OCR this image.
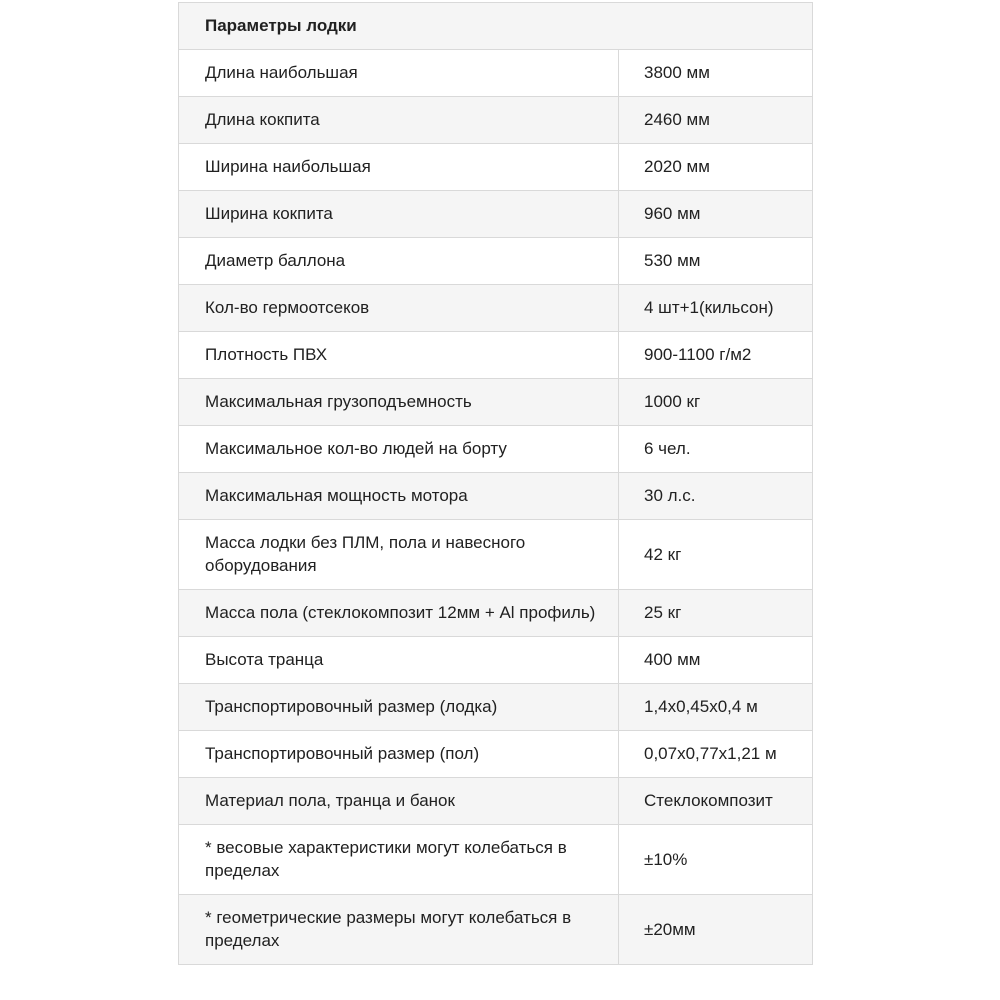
Параметры лодки	
Длина наибольшая	3800 мм
Длина кокпита	2460 мм
Ширина наибольшая	2020 мм
Ширина кокпита	960 мм
Диаметр баллона	530 мм
Кол-во гермоотсеков	4 шт+1(кильсон)
Плотность ПВХ	900-1100 г/м2
Максимальная грузоподъемность	1000 кг
Максимальное кол-во людей на борту	6 чел.
Максимальная мощность мотора	30 л.с.
Масса лодки без ПЛМ, пола и навесного оборудования	42 кг
Масса пола (стеклокомпозит 12мм + Al профиль)	25 кг
Высота транца	400 мм
Транспортировочный размер (лодка)	1,4х0,45х0,4 м
Транспортировочный размер (пол)	0,07х0,77х1,21 м
Материал пола, транца и банок	Стеклокомпозит
* весовые характеристики могут колебаться в пределах	±10%
* геометрические размеры могут колебаться в пределах	±20мм
